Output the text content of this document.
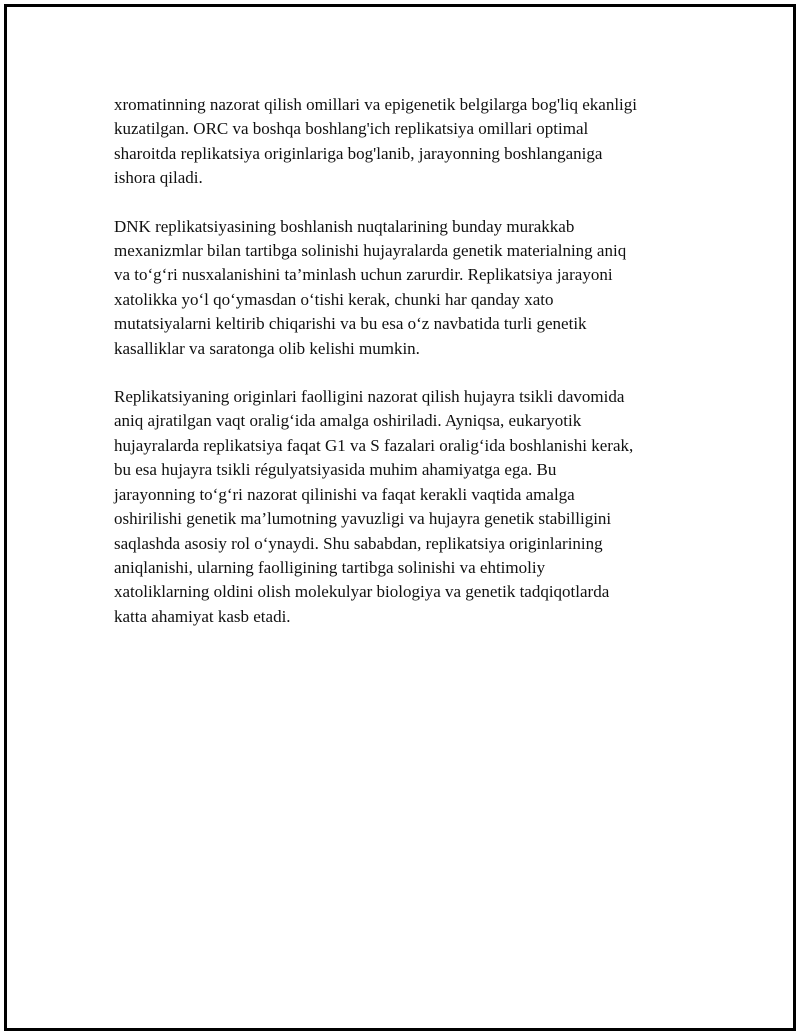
xromatinning nazorat qilish omillari va epigenetik belgilarga bog'liq ekanligi
kuzatilgan. ORC va boshqa boshlang'ich replikatsiya omillari optimal
sharoitda replikatsiya originlariga bog'lanib, jarayonning boshlanganiga
ishora qiladi.

DNK replikatsiyasining boshlanish nuqtalarining bunday murakkab
mexanizmlar bilan tartibga solinishi hujayralarda genetik materialning aniq
va to‘g‘ri nusxalanishini ta’minlash uchun zarurdir. Replikatsiya jarayoni
xatolikka yo‘l qo‘ymasdan o‘tishi kerak, chunki har qanday xato
mutatsiyalarni keltirib chiqarishi va bu esa o‘z navbatida turli genetik
kasalliklar va saratonga olib kelishi mumkin.

Replikatsiyaning originlari faolligini nazorat qilish hujayra tsikli davomida
aniq ajratilgan vaqt oralig‘ida amalga oshiriladi. Ayniqsa, eukaryotik
hujayralarda replikatsiya faqat G1 va S fazalari oralig‘ida boshlanishi kerak,
bu esa hujayra tsikli régulyatsiyasida muhim ahamiyatga ega. Bu
jarayonning to‘g‘ri nazorat qilinishi va faqat kerakli vaqtida amalga
oshirilishi genetik ma’lumotning yavuzligi va hujayra genetik stabilligini
saqlashda asosiy rol o‘ynaydi. Shu sababdan, replikatsiya originlarining
aniqlanishi, ularning faolligining tartibga solinishi va ehtimoliy
xatoliklarning oldini olish molekulyar biologiya va genetik tadqiqotlarda
katta ahamiyat kasb etadi.
